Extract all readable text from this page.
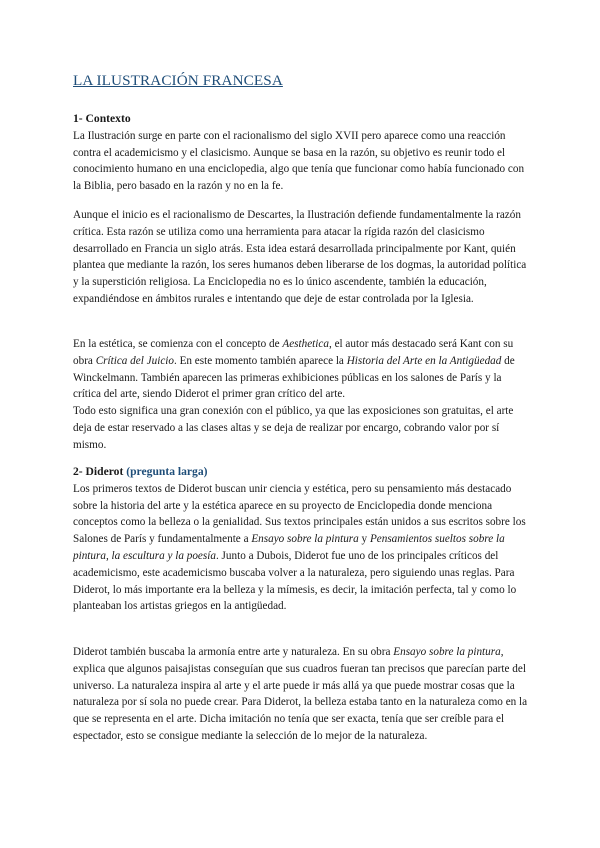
LA ILUSTRACIÓN FRANCESA
1- Contexto

La Ilustración surge en parte con el racionalismo del siglo XVII pero aparece como una reacción contra el academicismo y el clasicismo. Aunque se basa en la razón, su objetivo es reunir todo el conocimiento humano en una enciclopedia, algo que tenía que funcionar como había funcionado con la Biblia, pero basado en la razón y no en la fe.

Aunque el inicio es el racionalismo de Descartes, la Ilustración defiende fundamentalmente la razón crítica. Esta razón se utiliza como una herramienta para atacar la rígida razón del clasicismo desarrollado en Francia un siglo atrás. Esta idea estará desarrollada principalmente por Kant, quién plantea que mediante la razón, los seres humanos deben liberarse de los dogmas, la autoridad política y la superstición religiosa. La Enciclopedia no es lo único ascendente, también la educación, expandiéndose en ámbitos rurales e intentando que deje de estar controlada por la Iglesia.

En la estética, se comienza con el concepto de Aesthetica, el autor más destacado será Kant con su obra Crítica del Juicio. En este momento también aparece la Historia del Arte en la Antigüedad de Winckelmann. También aparecen las primeras exhibiciones públicas en los salones de París y la crítica del arte, siendo Diderot el primer gran crítico del arte.

Todo esto significa una gran conexión con el público, ya que las exposiciones son gratuitas, el arte deja de estar reservado a las clases altas y se deja de realizar por encargo, cobrando valor por sí mismo.

2- Diderot (pregunta larga)

Los primeros textos de Diderot buscan unir ciencia y estética, pero su pensamiento más destacado sobre la historia del arte y la estética aparece en su proyecto de Enciclopedia donde menciona conceptos como la belleza o la genialidad. Sus textos principales están unidos a sus escritos sobre los Salones de París y fundamentalmente a Ensayo sobre la pintura y Pensamientos sueltos sobre la pintura, la escultura y la poesía. Junto a Dubois, Diderot fue uno de los principales críticos del academicismo, este academicismo buscaba volver a la naturaleza, pero siguiendo unas reglas. Para Diderot, lo más importante era la belleza y la mímesis, es decir, la imitación perfecta, tal y como lo planteaban los artistas griegos en la antigüedad.

Diderot también buscaba la armonía entre arte y naturaleza. En su obra Ensayo sobre la pintura, explica que algunos paisajistas conseguían que sus cuadros fueran tan precisos que parecían parte del universo. La naturaleza inspira al arte y el arte puede ir más allá ya que puede mostrar cosas que la naturaleza por sí sola no puede crear. Para Diderot, la belleza estaba tanto en la naturaleza como en la que se representa en el arte. Dicha imitación no tenía que ser exacta, tenía que ser creíble para el espectador, esto se consigue mediante la selección de lo mejor de la naturaleza.
